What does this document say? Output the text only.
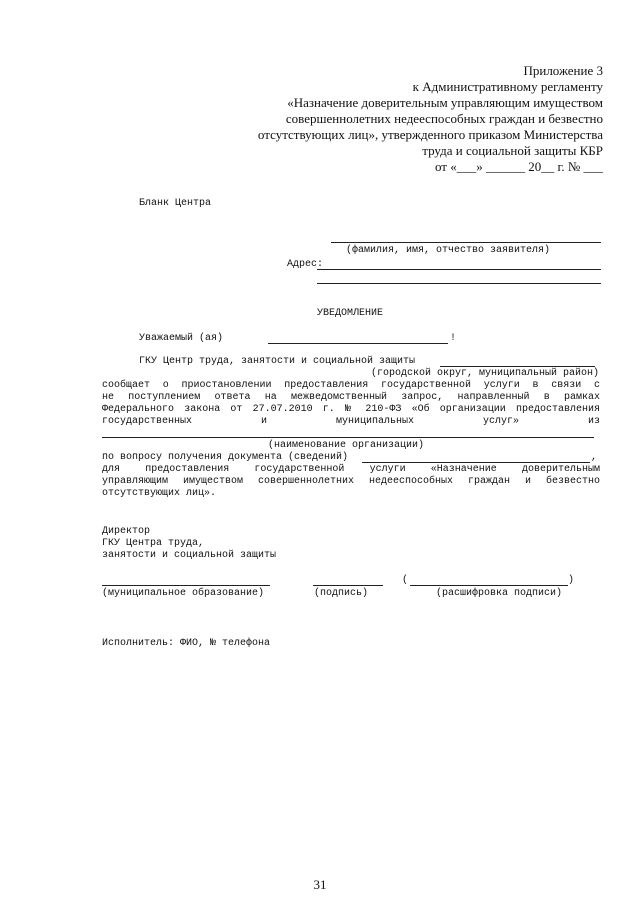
Приложение 3
к Административному регламенту
«Назначение доверительным управляющим имуществом
совершеннолетних недееспособных граждан и безвестно
отсутствующих лиц», утвержденного приказом Министерства
труда и социальной защиты КБР
от «___» ______ 20__ г. № ___
Бланк Центра
(фамилия, имя, отчество заявителя)
Адрес:
УВЕДОМЛЕНИЕ
Уважаемый (ая)	!
ГКУ Центр труда, занятости и социальной защиты
(городской округ, муниципальный район)
сообщает о приостановлении предоставления государственной услуги в связи с
не поступлением ответа на межведомственный запрос, направленный в рамках
Федерального закона от 27.07.2010 г. № 210-ФЗ «Об организации предоставления
государственных	и	муниципальных	услуг»	из
(наименование организации)
по вопросу получения документа (сведений)	,
для предоставления государственной услуги «Назначение доверительным
управляющим имуществом совершеннолетних недееспособных граждан и безвестно
отсутствующих лиц».
Директор
ГКУ Центра труда,
занятости и социальной защиты
(	)
(муниципальное образование)	(подпись)	(расшифровка подписи)
Исполнитель: ФИО, № телефона
31
